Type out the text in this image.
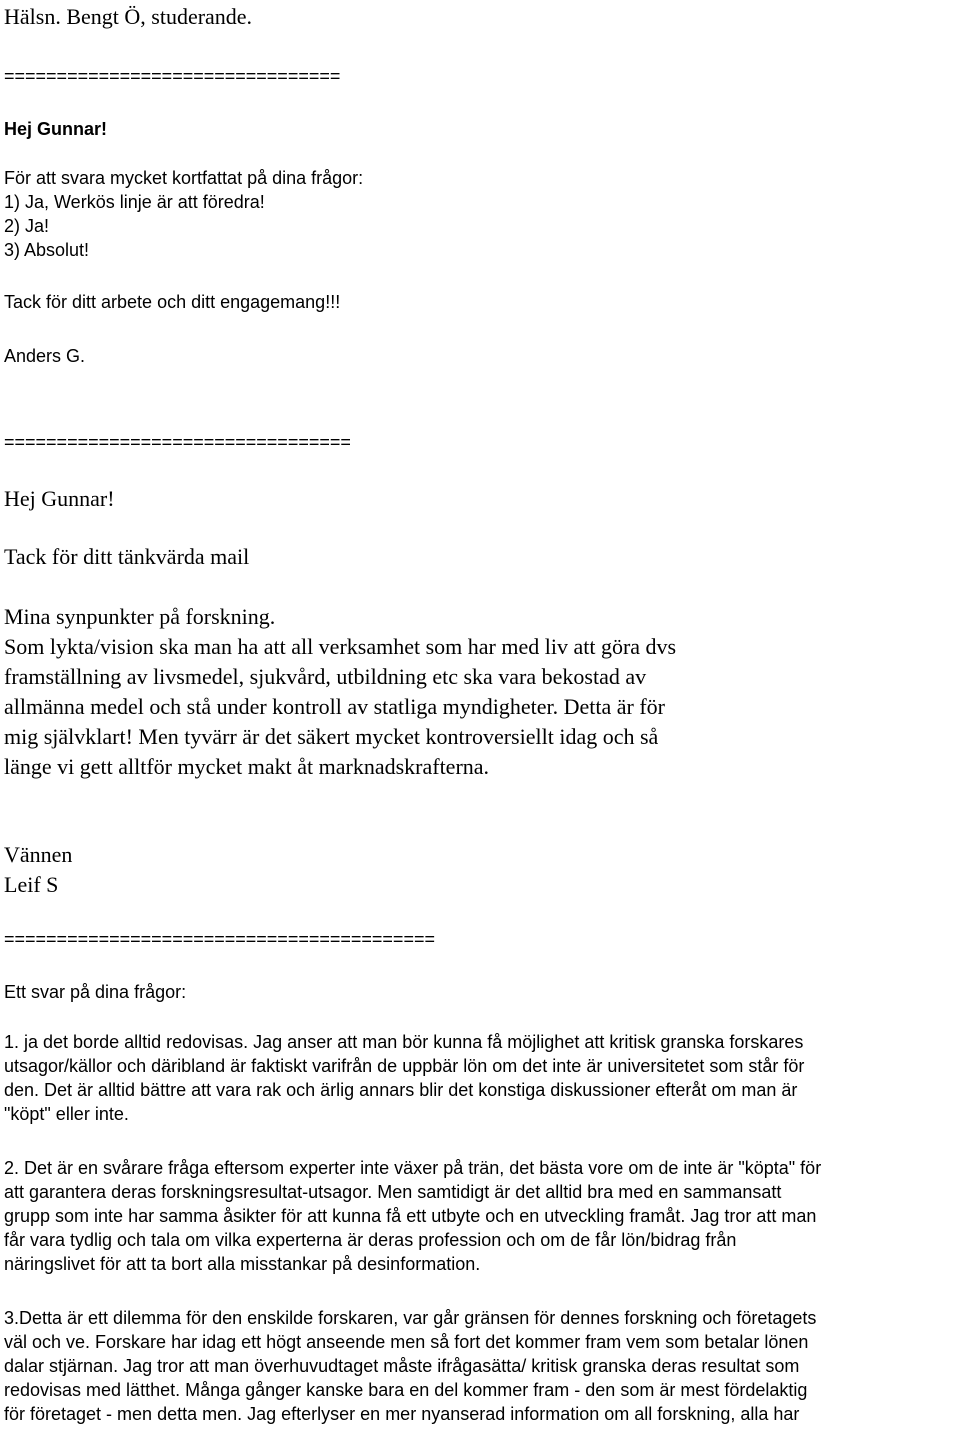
Hälsn. Bengt Ö, studerande.

================================

Hej Gunnar!

För att svara mycket kortfattat på dina frågor:

1) Ja, Werkös linje är att föredra!

2) Ja!

3) Absolut!

Tack för ditt arbete och ditt engagemang!!!

Anders G.

=================================

Hej Gunnar!

Tack för ditt tänkvärda mail

Mina synpunkter på forskning.

Som lykta/vision ska man ha att all verksamhet som har med liv att göra dvs

framställning av livsmedel, sjukvård, utbildning etc ska vara bekostad av

allmänna medel och stå under kontroll av statliga myndigheter. Detta är för

mig självklart! Men tyvärr är det säkert mycket kontroversiellt idag och så

länge vi gett alltför mycket makt åt marknadskrafterna.

Vännen

Leif S

=========================================

Ett svar på dina frågor:

1. ja det borde alltid redovisas. Jag anser att man bör kunna få möjlighet att kritisk granska forskares

utsagor/källor och däribland är faktiskt varifrån de uppbär lön om det inte är universitetet som står för

den. Det är alltid bättre att vara rak och ärlig annars blir det konstiga diskussioner efteråt om man är

"köpt" eller inte.

2. Det är en svårare fråga eftersom experter inte växer på trän, det bästa vore om de inte är "köpta" för

att garantera deras forskningsresultat-utsagor. Men samtidigt är det alltid bra med en sammansatt

grupp som inte har samma åsikter för att kunna få ett utbyte och en utveckling framåt. Jag tror att man

får vara tydlig och tala om vilka experterna är deras profession och om de får lön/bidrag från

näringslivet för att ta bort alla misstankar på desinformation.

3.Detta är ett dilemma för den enskilde forskaren, var går gränsen för dennes forskning och företagets

väl och ve. Forskare har idag ett högt anseende men så fort det kommer fram vem som betalar lönen

dalar stjärnan. Jag tror att man överhuvudtaget måste ifrågasätta/ kritisk granska deras resultat som

redovisas med lätthet. Många gånger kanske bara en del kommer fram - den som är mest fördelaktig

för företaget - men detta men. Jag efterlyser en mer nyanserad information om all forskning, alla har
